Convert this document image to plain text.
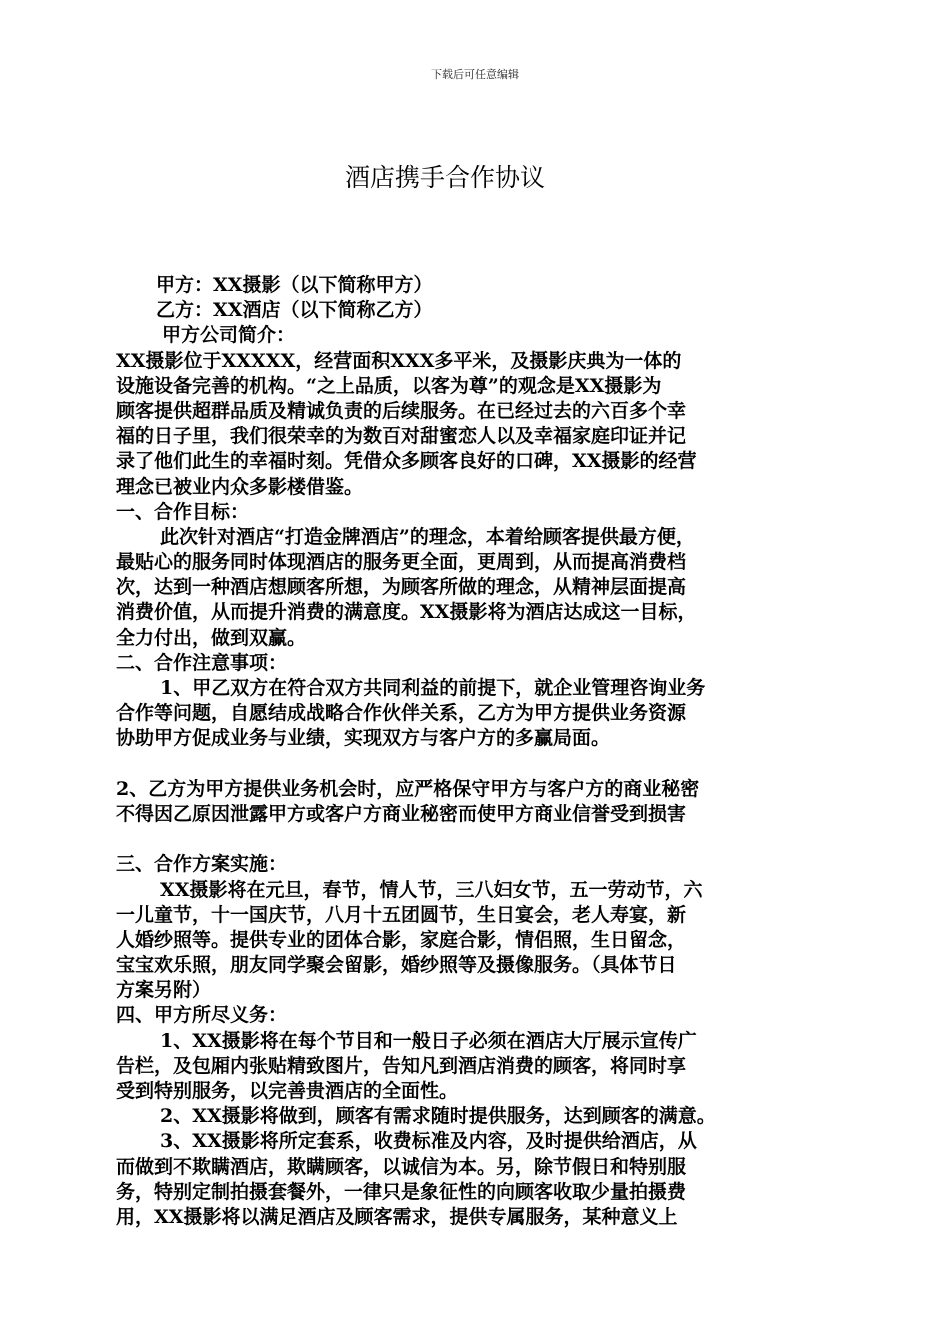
下载后可任意编辑
酒店携手合作协议
甲方：XX摄影（以下简称甲方）
乙方：XX酒店（以下简称乙方）
甲方公司简介：
XX摄影位于XXXXX，经营面积XXX多平米，及摄影庆典为一体的
设施设备完善的机构。“之上品质，以客为尊”的观念是XX摄影为
顾客提供超群品质及精诚负责的后续服务。在已经过去的六百多个幸
福的日子里，我们很荣幸的为数百对甜蜜恋人以及幸福家庭印证并记
录了他们此生的幸福时刻。凭借众多顾客良好的口碑，XX摄影的经营
理念已被业内众多影楼借鉴。
一、合作目标：
此次针对酒店“打造金牌酒店”的理念，本着给顾客提供最方便，
最贴心的服务同时体现酒店的服务更全面，更周到，从而提高消费档
次，达到一种酒店想顾客所想，为顾客所做的理念，从精神层面提高
消费价值，从而提升消费的满意度。XX摄影将为酒店达成这一目标，
全力付出，做到双赢。
二、合作注意事项：
1、甲乙双方在符合双方共同利益的前提下，就企业管理咨询业务
合作等问题，自愿结成战略合作伙伴关系，乙方为甲方提供业务资源
协助甲方促成业务与业绩，实现双方与客户方的多赢局面。
2、乙方为甲方提供业务机会时，应严格保守甲方与客户方的商业秘密
不得因乙原因泄露甲方或客户方商业秘密而使甲方商业信誉受到损害
三、合作方案实施：
XX摄影将在元旦，春节，情人节，三八妇女节，五一劳动节，六
一儿童节，十一国庆节，八月十五团圆节，生日宴会，老人寿宴，新
人婚纱照等。提供专业的团体合影，家庭合影，情侣照，生日留念，
宝宝欢乐照，朋友同学聚会留影，婚纱照等及摄像服务。（具体节日
方案另附）
四、甲方所尽义务：
1、XX摄影将在每个节目和一般日子必须在酒店大厅展示宣传广
告栏，及包厢内张贴精致图片，告知凡到酒店消费的顾客，将同时享
受到特别服务，以完善贵酒店的全面性。
2、XX摄影将做到，顾客有需求随时提供服务，达到顾客的满意。
3、XX摄影将所定套系，收费标准及内容，及时提供给酒店，从
而做到不欺瞒酒店，欺瞒顾客，以诚信为本。另，除节假日和特别服
务，特别定制拍摄套餐外，一律只是象征性的向顾客收取少量拍摄费
用，XX摄影将以满足酒店及顾客需求，提供专属服务，某种意义上
